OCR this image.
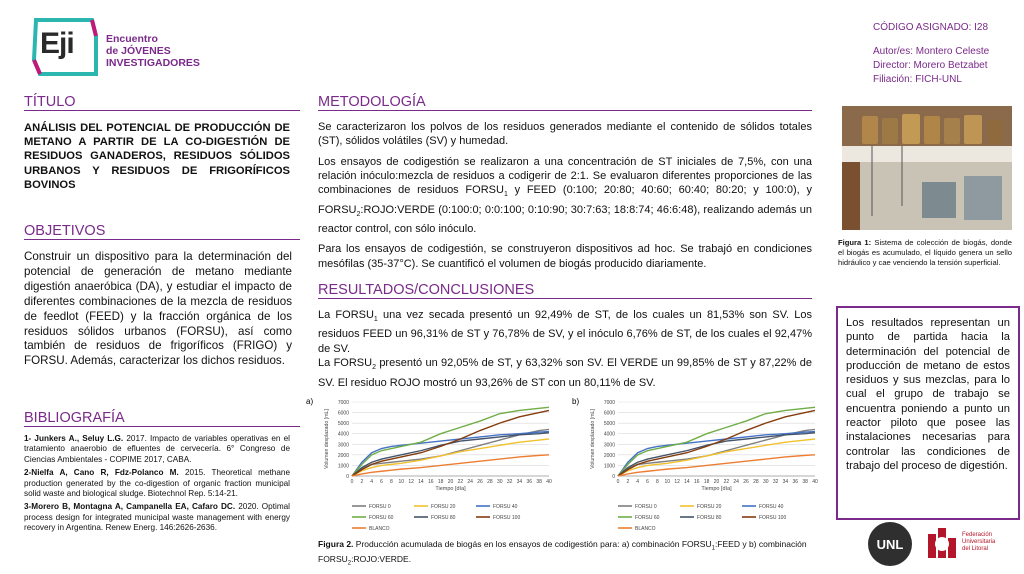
Eji	Encuentro
de JÓVENES
INVESTIGADORES
CÓDIGO ASIGNADO: I28
Autor/es: Montero Celeste
Director: Morero Betzabet
Filiación: FICH-UNL
TÍTULO
ANÁLISIS DEL POTENCIAL DE PRODUCCIÓN DE METANO A PARTIR DE LA CO-DIGESTIÓN DE RESIDUOS GANADEROS, RESIDUOS SÓLIDOS URBANOS Y RESIDUOS DE FRIGORÍFICOS BOVINOS
OBJETIVOS
Construir un dispositivo para la determinación del potencial de generación de metano mediante digestión anaeróbica (DA), y estudiar el impacto de diferentes combinaciones de la mezcla de residuos de feedlot (FEED) y la fracción orgánica de los residuos sólidos urbanos (FORSU), así como también de residuos de frigoríficos (FRIGO) y FORSU. Además, caracterizar los dichos residuos.
BIBLIOGRAFÍA

1- Junkers A., Seluy L.G. 2017. Impacto de variables operativas en el tratamiento anaerobio de efluentes de cervecería. 6° Congreso de Ciencias Ambientales - COPIME 2017, CABA.

2-Nielfa A, Cano R, Fdz-Polanco M. 2015. Theoretical methane production generated by the co-digestion of organic fraction municipal solid waste and biological sludge. Biotechnol Rep. 5:14-21.

3-Morero B, Montagna A, Campanella EA, Cafaro DC. 2020. Optimal process design for integrated municipal waste management with energy recovery in Argentina. Renew Energ. 146:2626-2636.

METODOLOGÍA

Se caracterizaron los polvos de los residuos generados mediante el contenido de sólidos totales (ST), sólidos volátiles (SV) y humedad.

Los ensayos de codigestión se realizaron a una concentración de ST iniciales de 7,5%, con una relación inóculo:mezcla de residuos a codigerir de 2:1. Se evaluaron diferentes proporciones de las combinaciones de residuos $FORSU_1$ y FEED (0:100; 20:80; 40:60; 60:40; 80:20; y 100:0), y $FORSU_2:ROJO:VERDE$ (0:100:0; 0:0:100; 0:10:90; 30:7:63; 18:8:74; 46:6:48), realizando además un reactor control, con sólo inóculo.

Para los ensayos de codigestión, se construyeron dispositivos ad hoc. Se trabajó en condiciones mesófilas (35-37°C). Se cuantificó el volumen de biogás producido diariamente.

RESULTADOS/CONCLUSIONES

La $FORSU_1$ una vez secada presentó un 92,49% de ST, de los cuales un 81,53% son SV. Los residuos FEED un 96,31% de ST y 76,78% de SV, y el inóculo 6,76% de ST, de los cuales el 92,47% de SV.

La $FORSU_2$ presentó un 92,05% de ST, y 63,32% son SV. El VERDE un 99,85% de ST y 87,22% de SV. El residuo ROJO mostró un 93,26% de ST con un 80,11% de SV.

a)
0
1000
2000
3000
4000
5000
6000
7000
0 2 4 6 8 10 12 14 16 18 20 22 24 26 28 30 32 34 36 38 40
Volumen desplazado [mL]
Tiempo [día]
FORSU 0	FORSU 20	FORSU 40
FORSU 60	FORSU 80	FORSU 100
BLANCO
b)
0
1000
2000
3000
4000
5000
6000
7000
0 2 4 6 8 10 12 14 16 18 20 22 24 26 28 30 32 34 36 38 40
Volumen desplazado [mL]
Tiempo [día]
FORSU 0	FORSU 20	FORSU 40
FORSU 60	FORSU 80	FORSU 100
BLANCO
Figura 2. Producción acumulada de biogás en los ensayos de codigestión para: a) combinación $FORSU_1:FEED$ y b) combinación $FORSU_2:ROJO:VERDE$.
Figura 1: Sistema de colección de biogás, donde el biogás es acumulado, el líquido genera un sello hidráulico y cae venciendo la tensión superficial.
Los resultados representan un punto de partida hacia la determinación del potencial de producción de metano de estos residuos y sus mezclas, para lo cual el grupo de trabajo se encuentra poniendo a punto un reactor piloto que posee las instalaciones necesarias para controlar las condiciones de trabajo del proceso de digestión.
UNL
Federación
Universitaria
del Litoral
